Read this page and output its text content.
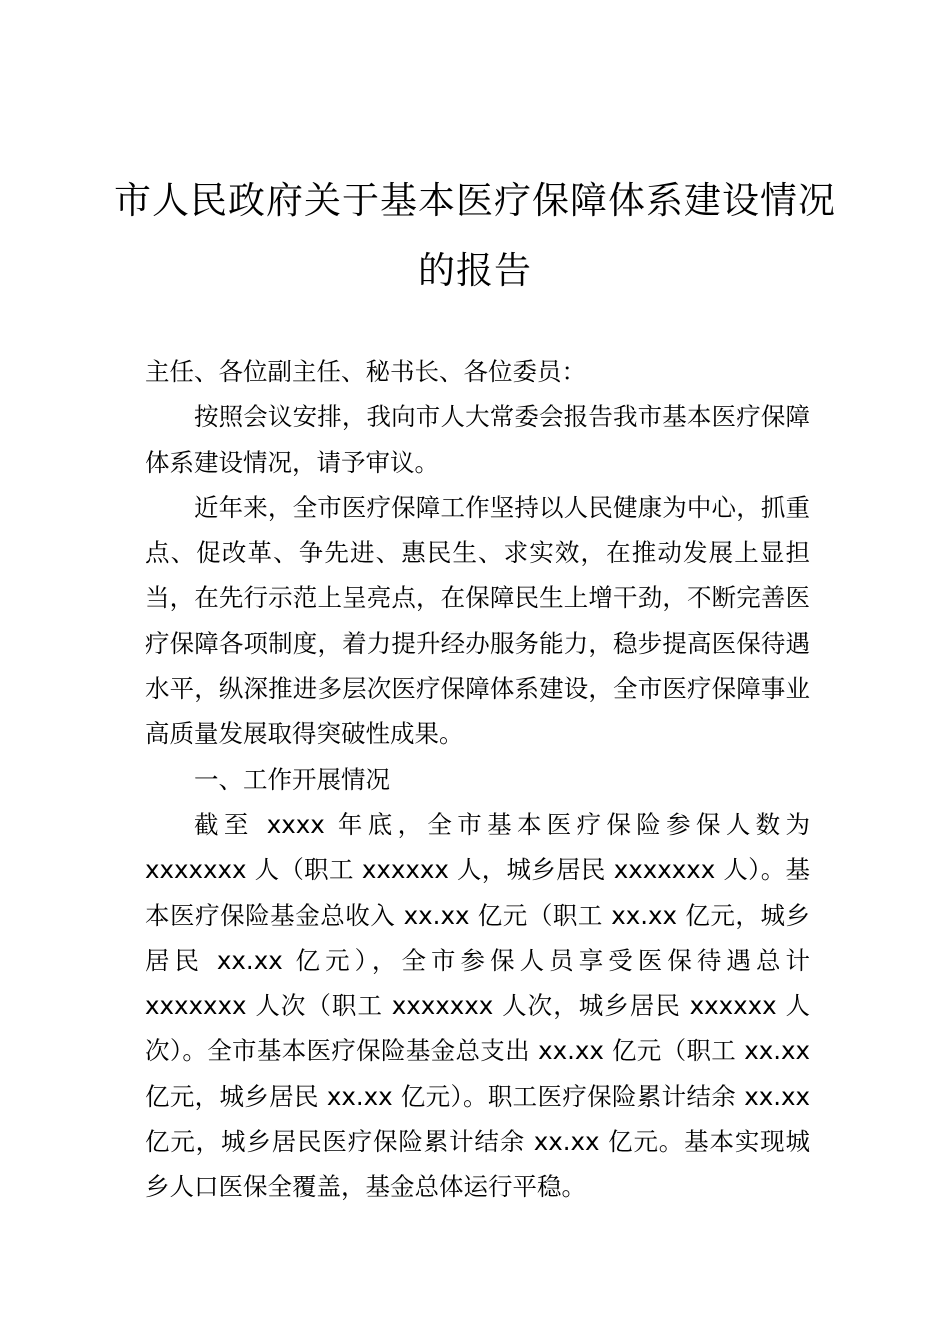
市人民政府关于基本医疗保障体系建设情况的报告

主任、各位副主任、秘书长、各位委员：

按照会议安排，我向市人大常委会报告我市基本医疗保障体系建设情况，请予审议。

近年来，全市医疗保障工作坚持以人民健康为中心，抓重点、促改革、争先进、惠民生、求实效，在推动发展上显担当，在先行示范上呈亮点，在保障民生上增干劲，不断完善医疗保障各项制度，着力提升经办服务能力，稳步提高医保待遇水平，纵深推进多层次医疗保障体系建设，全市医疗保障事业高质量发展取得突破性成果。

一、工作开展情况

截至 xxxx 年底，全市基本医疗保险参保人数为 xxxxxxx 人（职工 xxxxxx 人，城乡居民 xxxxxxx 人）。基本医疗保险基金总收入 xx.xx 亿元（职工 xx.xx 亿元，城乡居民 xx.xx 亿元），全市参保人员享受医保待遇总计 xxxxxxx 人次（职工 xxxxxxx 人次，城乡居民 xxxxxx 人次）。全市基本医疗保险基金总支出 xx.xx 亿元（职工 xx.xx 亿元，城乡居民 xx.xx 亿元）。职工医疗保险累计结余 xx.xx 亿元，城乡居民医疗保险累计结余 xx.xx 亿元。基本实现城乡人口医保全覆盖，基金总体运行平稳。
